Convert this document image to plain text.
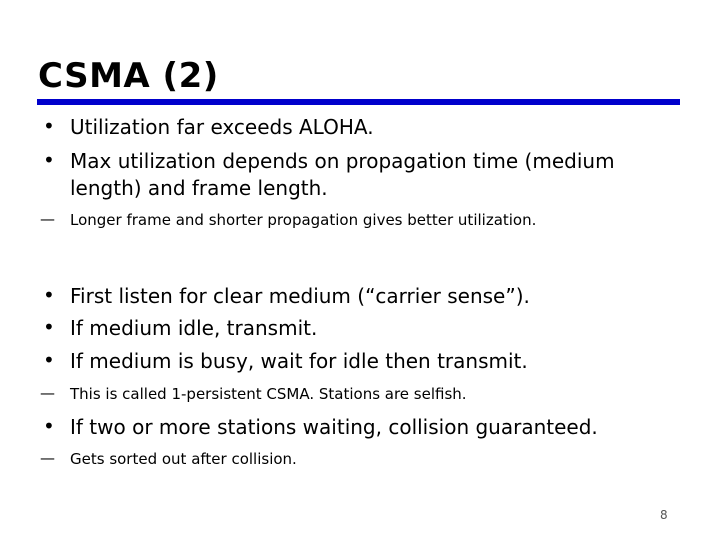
CSMA (2)
• Utilization far exceeds ALOHA.
• Max utilization depends on propagation time (medium length) and frame length.
— Longer frame and shorter propagation gives better utilization.
• First listen for clear medium (“carrier sense”).
• If medium idle, transmit.
• If medium is busy, wait for idle then transmit.
— This is called 1-persistent CSMA. Stations are selfish.
• If two or more stations waiting, collision guaranteed.
— Gets sorted out after collision.
8
